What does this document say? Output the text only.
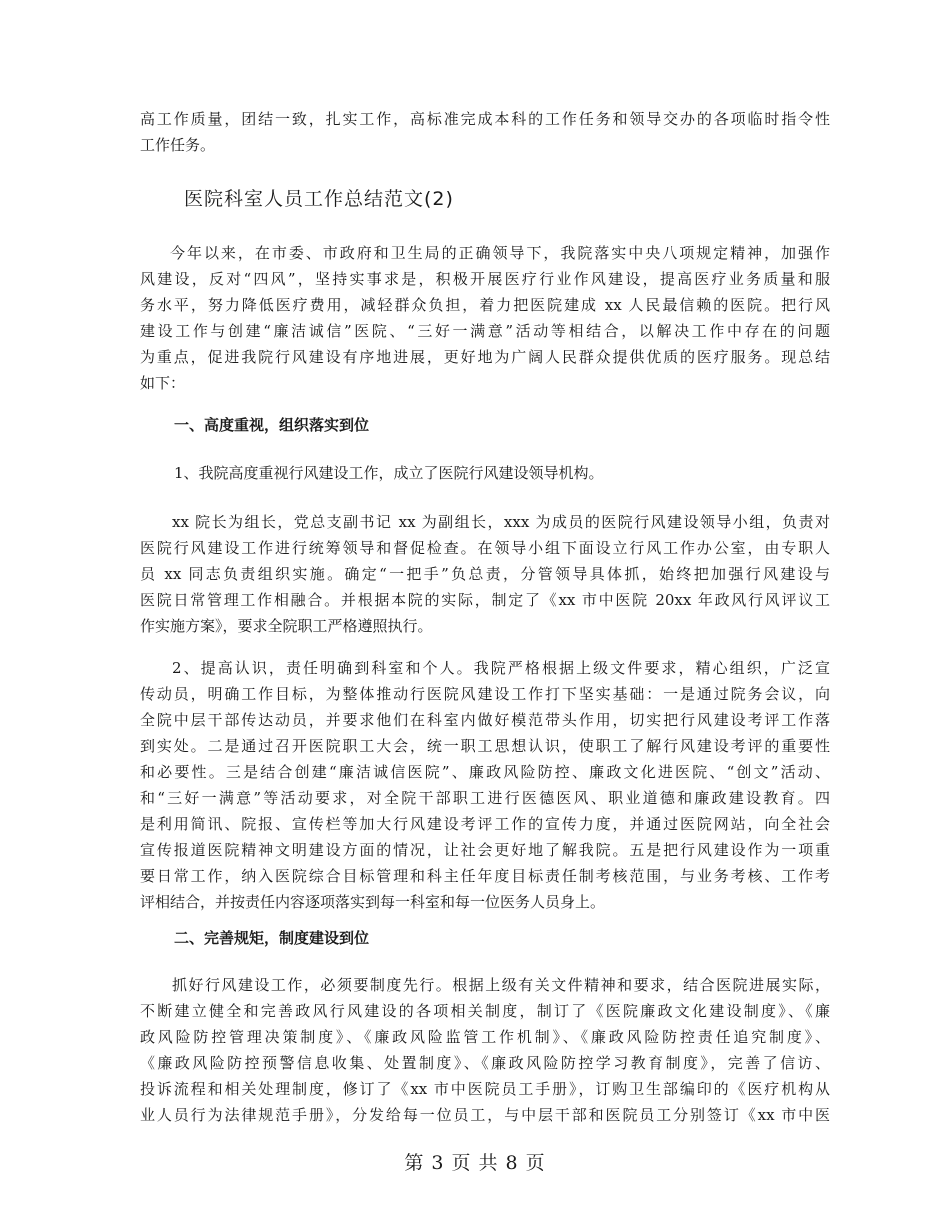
高工作质量，团结一致，扎实工作，高标准完成本科的工作任务和领导交办的各项临时指令性
工作任务。
医院科室人员工作总结范文(2)
今年以来，在市委、市政府和卫生局的正确领导下，我院落实中央八项规定精神，加强作
风建设，反对“四风”，坚持实事求是，积极开展医疗行业作风建设，提高医疗业务质量和服
务水平，努力降低医疗费用，减轻群众负担，着力把医院建成 xx 人民最信赖的医院。把行风
建设工作与创建“廉洁诚信”医院、“三好一满意”活动等相结合，以解决工作中存在的问题
为重点，促进我院行风建设有序地进展，更好地为广阔人民群众提供优质的医疗服务。现总结
如下：
一、高度重视，组织落实到位
1、我院高度重视行风建设工作，成立了医院行风建设领导机构。
xx 院长为组长，党总支副书记 xx 为副组长，xxx 为成员的医院行风建设领导小组，负责对
医院行风建设工作进行统筹领导和督促检查。在领导小组下面设立行风工作办公室，由专职人
员 xx 同志负责组织实施。确定“一把手”负总责，分管领导具体抓，始终把加强行风建设与
医院日常管理工作相融合。并根据本院的实际，制定了《xx 市中医院 20xx 年政风行风评议工
作实施方案》，要求全院职工严格遵照执行。
2、提高认识，责任明确到科室和个人。我院严格根据上级文件要求，精心组织，广泛宣
传动员，明确工作目标，为整体推动行医院风建设工作打下坚实基础：一是通过院务会议，向
全院中层干部传达动员，并要求他们在科室内做好模范带头作用，切实把行风建设考评工作落
到实处。二是通过召开医院职工大会，统一职工思想认识，使职工了解行风建设考评的重要性
和必要性。三是结合创建“廉洁诚信医院”、廉政风险防控、廉政文化进医院、“创文”活动、
和“三好一满意”等活动要求，对全院干部职工进行医德医风、职业道德和廉政建设教育。四
是利用简讯、院报、宣传栏等加大行风建设考评工作的宣传力度，并通过医院网站，向全社会
宣传报道医院精神文明建设方面的情况，让社会更好地了解我院。五是把行风建设作为一项重
要日常工作，纳入医院综合目标管理和科主任年度目标责任制考核范围，与业务考核、工作考
评相结合，并按责任内容逐项落实到每一科室和每一位医务人员身上。
二、完善规矩，制度建设到位
抓好行风建设工作，必须要制度先行。根据上级有关文件精神和要求，结合医院进展实际，
不断建立健全和完善政风行风建设的各项相关制度，制订了《医院廉政文化建设制度》、《廉
政风险防控管理决策制度》、《廉政风险监管工作机制》、《廉政风险防控责任追究制度》、
《廉政风险防控预警信息收集、处置制度》、《廉政风险防控学习教育制度》，完善了信访、
投诉流程和相关处理制度，修订了《xx 市中医院员工手册》，订购卫生部编印的《医疗机构从
业人员行为法律规范手册》，分发给每一位员工，与中层干部和医院员工分别签订《xx 市中医
第 3 页 共 8 页
